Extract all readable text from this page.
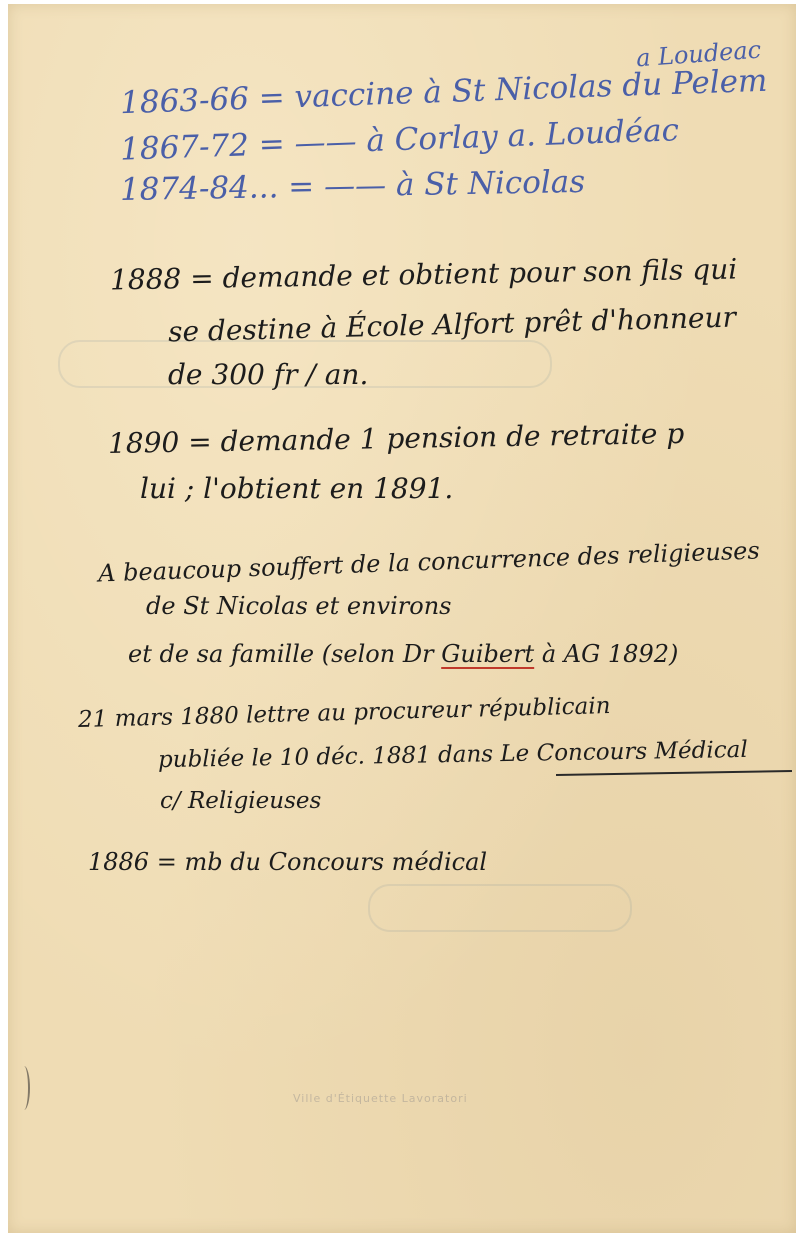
a Loudeac
1863-66 = vaccine à St Nicolas du Pelem
1867-72 = —— à Corlay a. Loudéac
1874-84... = —— à St Nicolas
1888 = demande et obtient pour son fils qui
se destine à École Alfort prêt d'honneur
de 300 fr / an.
1890 = demande 1 pension de retraite p
lui ; l'obtient en 1891.
A beaucoup souffert de la concurrence des religieuses
de St Nicolas et environs
et de sa famille (selon Dr Guibert à AG 1892)
21 mars 1880 lettre au procureur républicain
publiée le 10 déc. 1881 dans Le Concours Médical
c/ Religieuses
1886 = mb du Concours médical
Ville d'Étiquette Lavoratori
